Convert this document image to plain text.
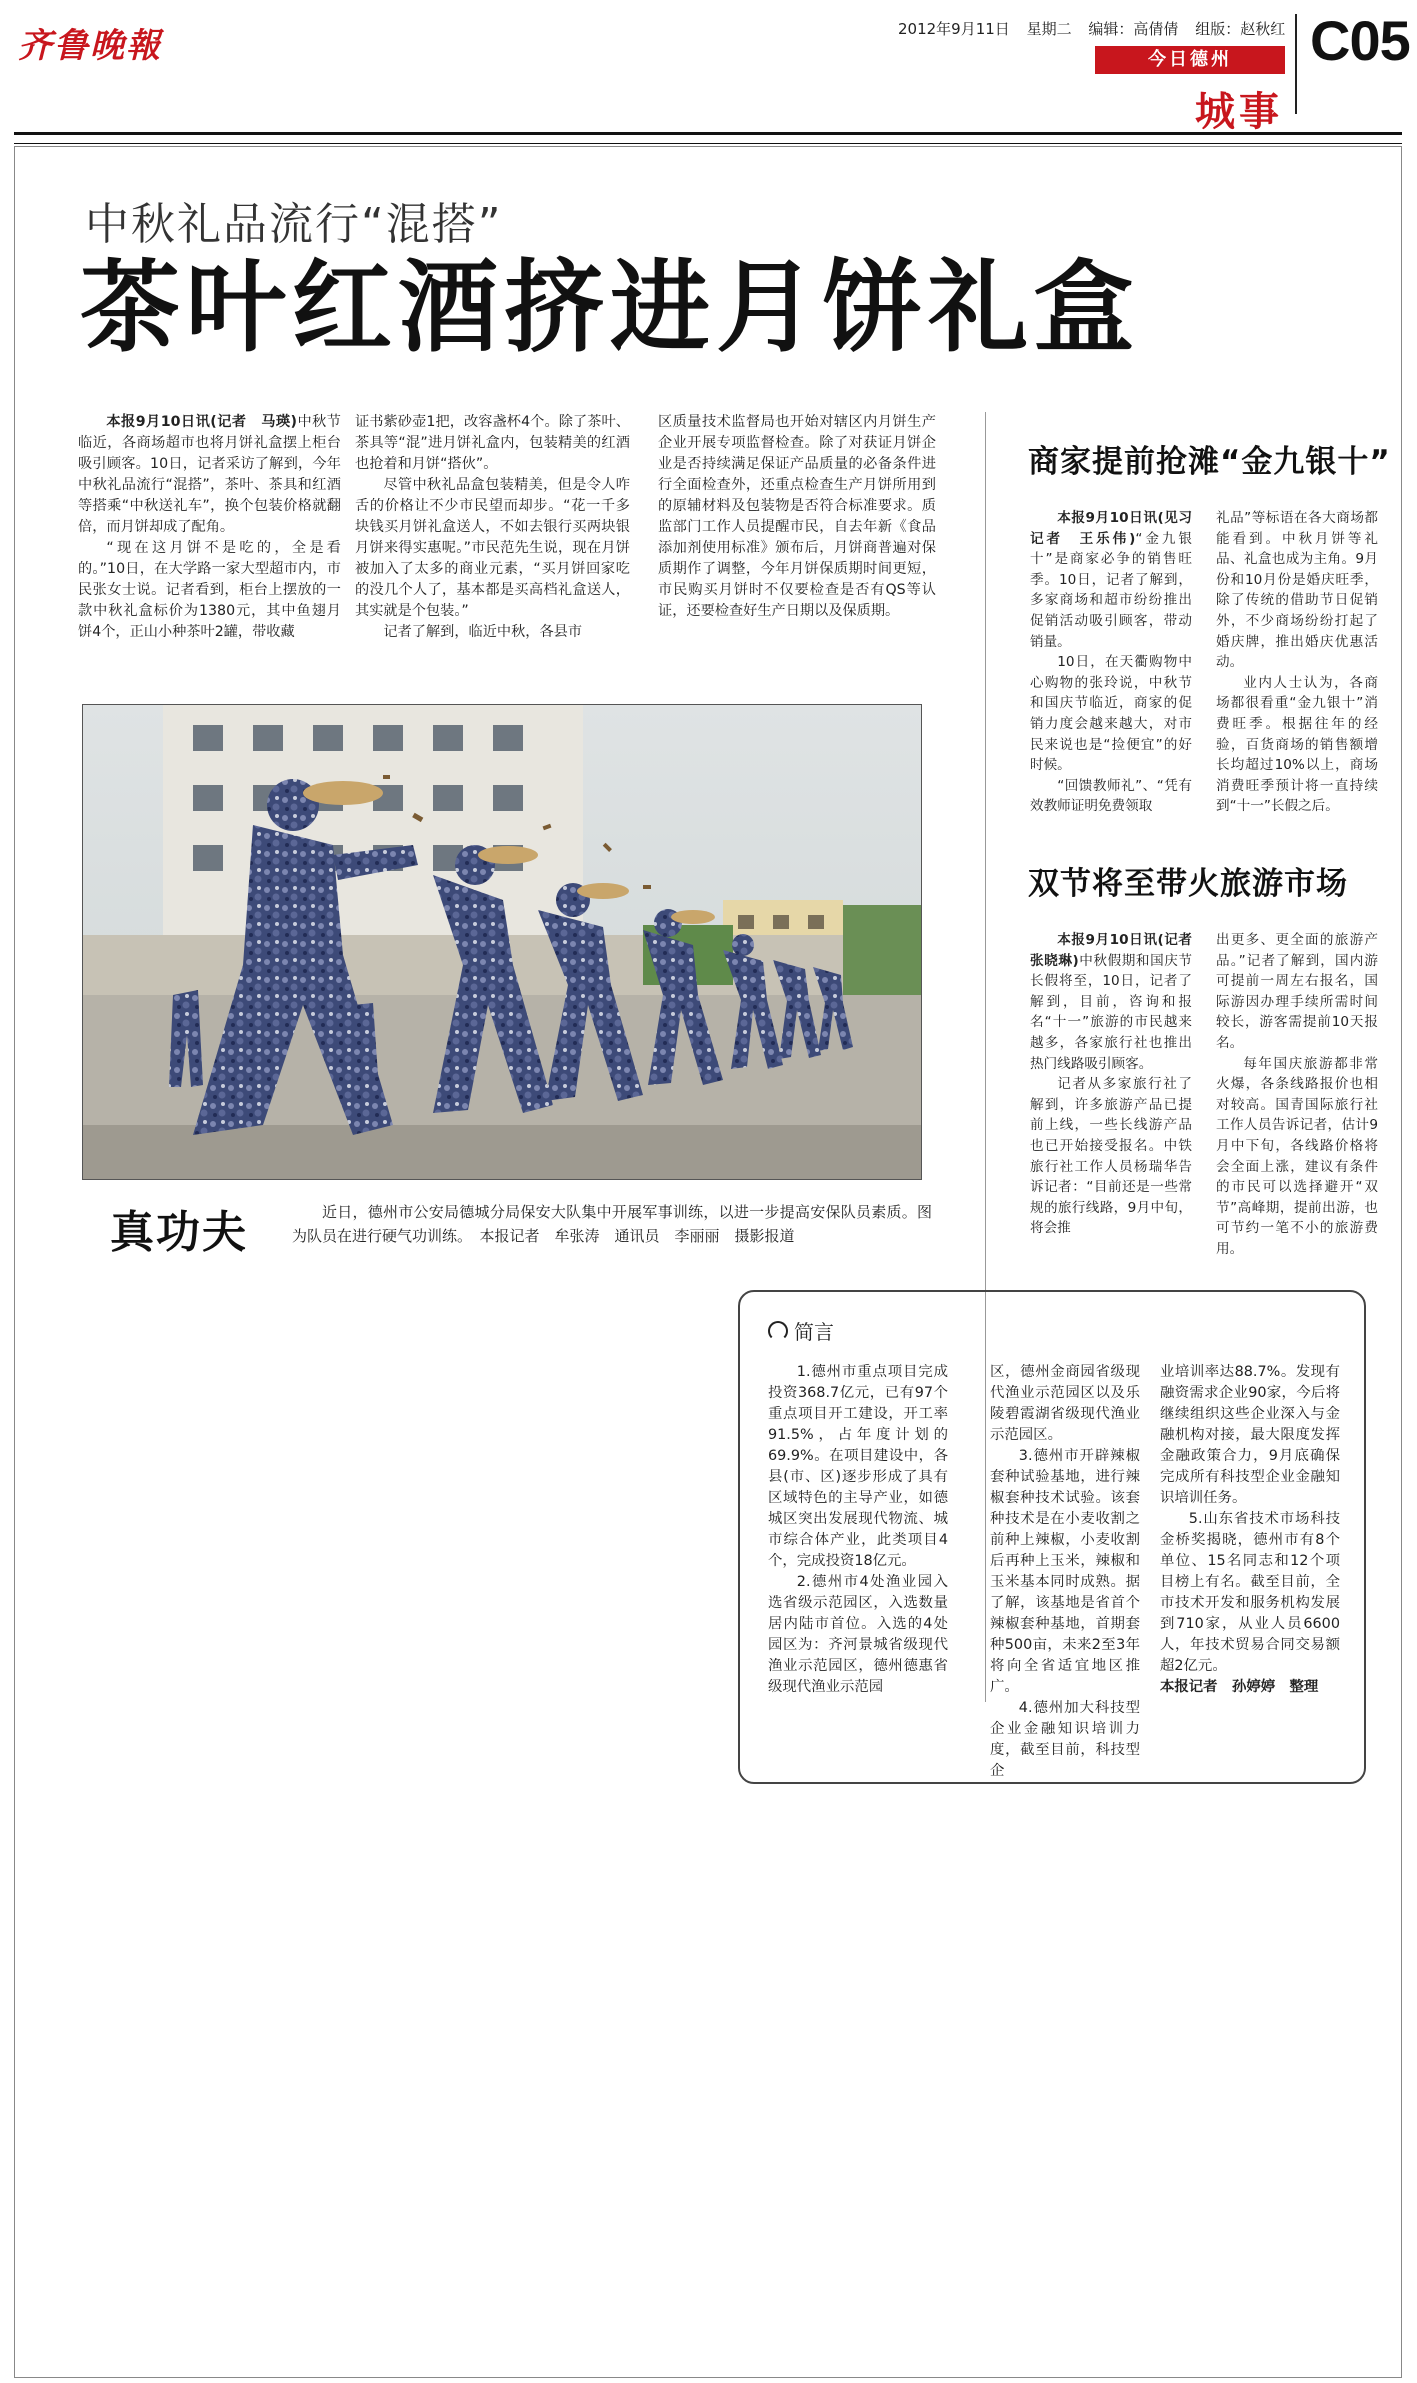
齐鲁晚報	2012年9月11日 星期二 编辑：高倩倩 组版：赵秋红 C05
今日德州
城事
中秋礼品流行“混搭”
茶叶红酒挤进月饼礼盒

本报9月10日讯(记者　马瑛)中秋节临近，各商场超市也将月饼礼盒摆上柜台吸引顾客。10日，记者采访了解到，今年中秋礼品流行“混搭”，茶叶、茶具和红酒等搭乘“中秋送礼车”，换个包装价格就翻倍，而月饼却成了配角。

“现在这月饼不是吃的，全是看的。”10日，在大学路一家大型超市内，市民张女士说。记者看到，柜台上摆放的一款中秋礼盒标价为1380元，其中鱼翅月饼4个，正山小种茶叶2罐，带收藏

证书紫砂壶1把，改容盏杯4个。除了茶叶、茶具等“混”进月饼礼盒内，包装精美的红酒也抢着和月饼“搭伙”。

尽管中秋礼品盒包装精美，但是令人咋舌的价格让不少市民望而却步。“花一千多块钱买月饼礼盒送人，不如去银行买两块银月饼来得实惠呢。”市民范先生说，现在月饼被加入了太多的商业元素，“买月饼回家吃的没几个人了，基本都是买高档礼盒送人，其实就是个包装。”

记者了解到，临近中秋，各县市

区质量技术监督局也开始对辖区内月饼生产企业开展专项监督检查。除了对获证月饼企业是否持续满足保证产品质量的必备条件进行全面检查外，还重点检查生产月饼所用到的原辅材料及包装物是否符合标准要求。质监部门工作人员提醒市民，自去年新《食品添加剂使用标准》颁布后，月饼商普遍对保质期作了调整，今年月饼保质期时间更短，市民购买月饼时不仅要检查是否有QS等认证，还要检查好生产日期以及保质期。

商家提前抢滩“金九银十”

本报9月10日讯(见习记者　王乐伟)“金九银十”是商家必争的销售旺季。10日，记者了解到，多家商场和超市纷纷推出促销活动吸引顾客，带动销量。

10日，在天衢购物中心购物的张玲说，中秋节和国庆节临近，商家的促销力度会越来越大，对市民来说也是“捡便宜”的好时候。

“回馈教师礼”、“凭有效教师证明免费领取

礼品”等标语在各大商场都能看到。中秋月饼等礼品、礼盒也成为主角。9月份和10月份是婚庆旺季，除了传统的借助节日促销外，不少商场纷纷打起了婚庆牌，推出婚庆优惠活动。

业内人士认为，各商场都很看重“金九银十”消费旺季。根据往年的经验，百货商场的销售额增长均超过10%以上，商场消费旺季预计将一直持续到“十一”长假之后。

双节将至带火旅游市场

本报9月10日讯(记者　张晓琳)中秋假期和国庆节长假将至，10日，记者了解到，目前，咨询和报名“十一”旅游的市民越来越多，各家旅行社也推出热门线路吸引顾客。

记者从多家旅行社了解到，许多旅游产品已提前上线，一些长线游产品也已开始接受报名。中铁旅行社工作人员杨瑞华告诉记者：“目前还是一些常规的旅行线路，9月中旬，将会推

出更多、更全面的旅游产品。”记者了解到，国内游可提前一周左右报名，国际游因办理手续所需时间较长，游客需提前10天报名。

每年国庆旅游都非常火爆，各条线路报价也相对较高。国青国际旅行社工作人员告诉记者，估计9月中下旬，各线路价格将会全面上涨，建议有条件的市民可以选择避开“双节”高峰期，提前出游，也可节约一笔不小的旅游费用。

真功夫	近日，德州市公安局德城分局保安大队集中开展军事训练，以进一步提高安保队员素质。图为队员在进行硬气功训练。　本报记者　牟张涛　通讯员　李丽丽　摄影报道
简言

1.德州市重点项目完成投资368.7亿元，已有97个重点项目开工建设，开工率91.5%，占年度计划的69.9%。在项目建设中，各县(市、区)逐步形成了具有区域特色的主导产业，如德城区突出发展现代物流、城市综合体产业，此类项目4个，完成投资18亿元。

2.德州市4处渔业园入选省级示范园区，入选数量居内陆市首位。入选的4处园区为：齐河景城省级现代渔业示范园区，德州德惠省级现代渔业示范园

区，德州金商园省级现代渔业示范园区以及乐陵碧霞湖省级现代渔业示范园区。

3.德州市开辟辣椒套种试验基地，进行辣椒套种技术试验。该套种技术是在小麦收割之前种上辣椒，小麦收割后再种上玉米，辣椒和玉米基本同时成熟。据了解，该基地是省首个辣椒套种基地，首期套种500亩，未来2至3年将向全省适宜地区推广。

4.德州加大科技型企业金融知识培训力度，截至目前，科技型企

业培训率达88.7%。发现有融资需求企业90家，今后将继续组织这些企业深入与金融机构对接，最大限度发挥金融政策合力，9月底确保完成所有科技型企业金融知识培训任务。

5.山东省技术市场科技金桥奖揭晓，德州市有8个单位、15名同志和12个项目榜上有名。截至目前，全市技术开发和服务机构发展到710家，从业人员6600人，年技术贸易合同交易额超2亿元。

本报记者　孙婷婷　整理
